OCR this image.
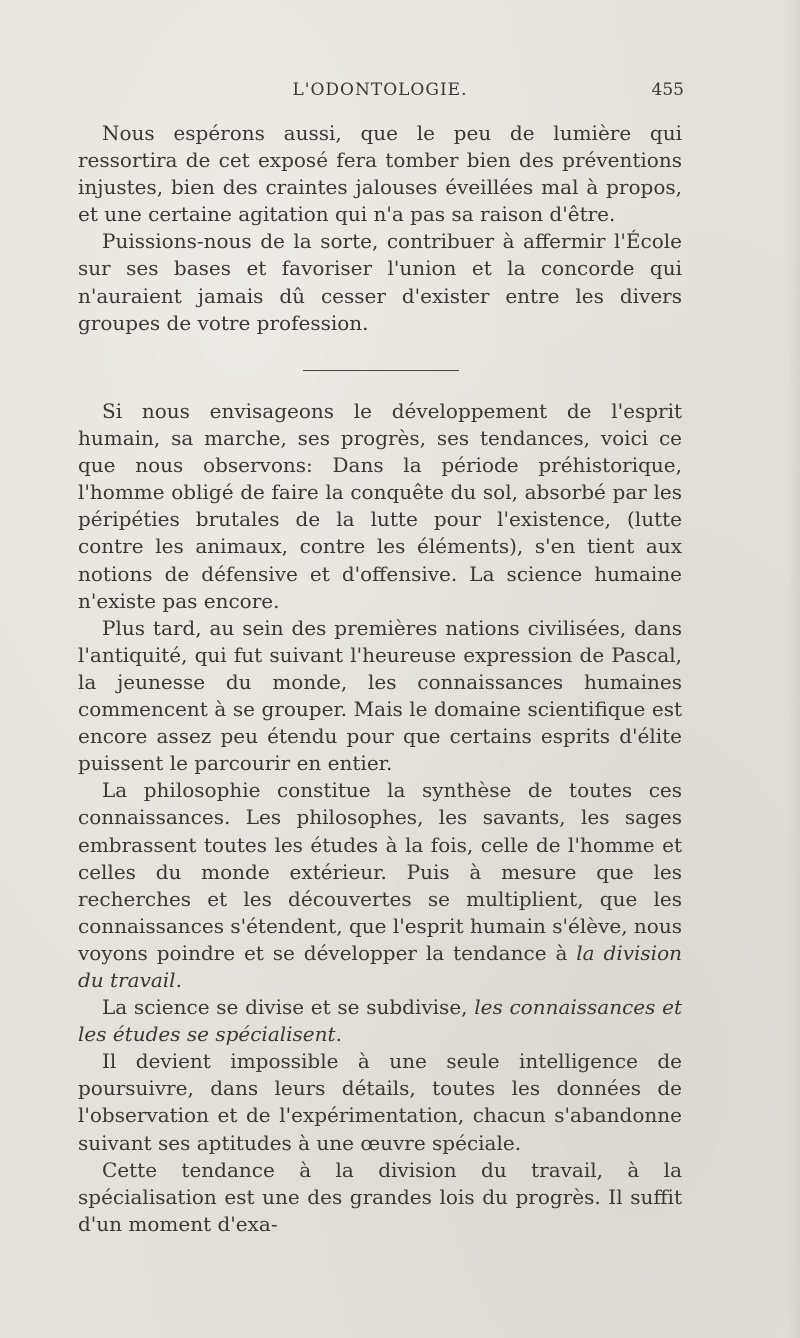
L'ODONTOLOGIE.	455

Nous espérons aussi, que le peu de lumière qui ressortira de cet exposé fera tomber bien des préventions injustes, bien des craintes jalouses éveillées mal à propos, et une certaine agitation qui n'a pas sa raison d'être.

Puissions-nous de la sorte, contribuer à affermir l'École sur ses bases et favoriser l'union et la concorde qui n'auraient jamais dû cesser d'exister entre les divers groupes de votre profession.

Si nous envisageons le développement de l'esprit humain, sa marche, ses progrès, ses tendances, voici ce que nous observons: Dans la période préhistorique, l'homme obligé de faire la conquête du sol, absorbé par les péripéties brutales de la lutte pour l'existence, (lutte contre les animaux, contre les éléments), s'en tient aux notions de défensive et d'offensive. La science humaine n'existe pas encore.

Plus tard, au sein des premières nations civilisées, dans l'antiquité, qui fut suivant l'heureuse expression de Pascal, la jeunesse du monde, les connaissances humaines commencent à se grouper. Mais le domaine scientifique est encore assez peu étendu pour que certains esprits d'élite puissent le parcourir en entier.

La philosophie constitue la synthèse de toutes ces connaissances. Les philosophes, les savants, les sages embrassent toutes les études à la fois, celle de l'homme et celles du monde extérieur. Puis à mesure que les recherches et les découvertes se multiplient, que les connaissances s'étendent, que l'esprit humain s'élève, nous voyons poindre et se développer la tendance à la division du travail.

La science se divise et se subdivise, les connaissances et les études se spécialisent.

Il devient impossible à une seule intelligence de poursuivre, dans leurs détails, toutes les données de l'observation et de l'expérimentation, chacun s'abandonne suivant ses aptitudes à une œuvre spéciale.

Cette tendance à la division du travail, à la spécialisation est une des grandes lois du progrès. Il suffit d'un moment d'exa-
